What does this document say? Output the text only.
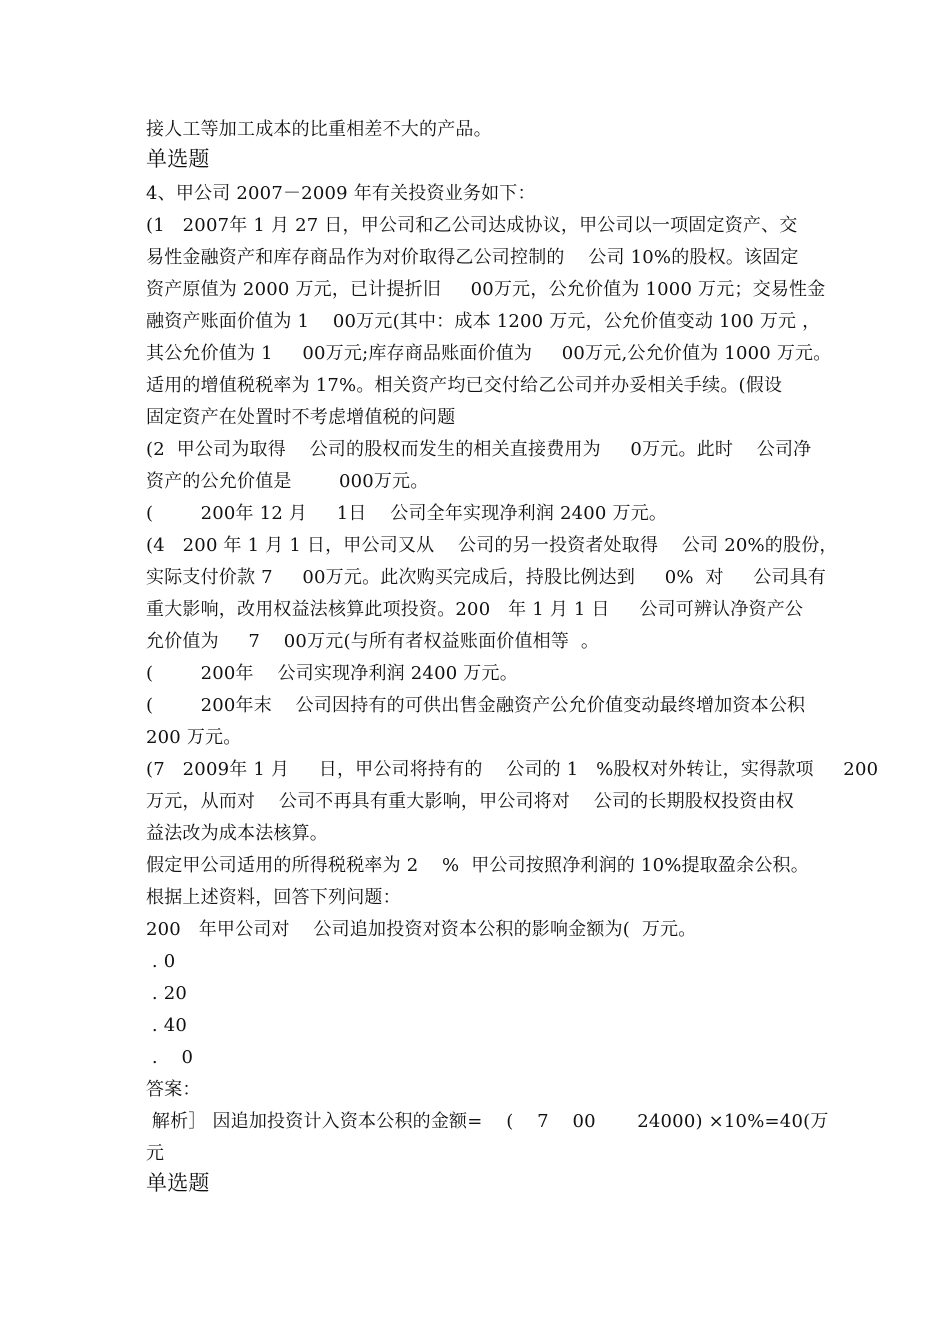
接人工等加工成本的比重相差不大的产品。
单选题
4、甲公司 2007－2009 年有关投资业务如下：
(1   2007年 1 月 27 日，甲公司和乙公司达成协议，甲公司以一项固定资产、交
易性金融资产和库存商品作为对价取得乙公司控制的    公司 10%的股权。该固定
资产原值为 2000 万元，已计提折旧     00万元，公允价值为 1000 万元；交易性金
融资产账面价值为 1    00万元(其中：成本 1200 万元，公允价值变动 100 万元 ，
其公允价值为 1     00万元;库存商品账面价值为     00万元,公允价值为 1000 万元。
适用的增值税税率为 17%。相关资产均已交付给乙公司并办妥相关手续。(假设
固定资产在处置时不考虑增值税的问题
(2  甲公司为取得    公司的股权而发生的相关直接费用为     0万元。此时    公司净
资产的公允价值是        000万元。
(        200年 12 月     1日    公司全年实现净利润 2400 万元。
(4   200 年 1 月 1 日，甲公司又从    公司的另一投资者处取得    公司 20%的股份，
实际支付价款 7     00万元。此次购买完成后，持股比例达到     0%  对     公司具有
重大影响，改用权益法核算此项投资。200   年 1 月 1 日     公司可辨认净资产公
允价值为     7    00万元(与所有者权益账面价值相等  。
(        200年    公司实现净利润 2400 万元。
(        200年末    公司因持有的可供出售金融资产公允价值变动最终增加资本公积
200 万元。
(7   2009年 1 月     日，甲公司将持有的    公司的 1   %股权对外转让，实得款项     200
万元，从而对    公司不再具有重大影响，甲公司将对    公司的长期股权投资由权
益法改为成本法核算。
假定甲公司适用的所得税税率为 2    %  甲公司按照净利润的 10%提取盈余公积。
根据上述资料，回答下列问题：
200   年甲公司对    公司追加投资对资本公积的影响金额为(  万元。
. 0
. 20
. 40
.    0
答案：
解析］ 因追加投资计入资本公积的金额=    (    7    00       24000) ×10%=40(万
元
单选题
